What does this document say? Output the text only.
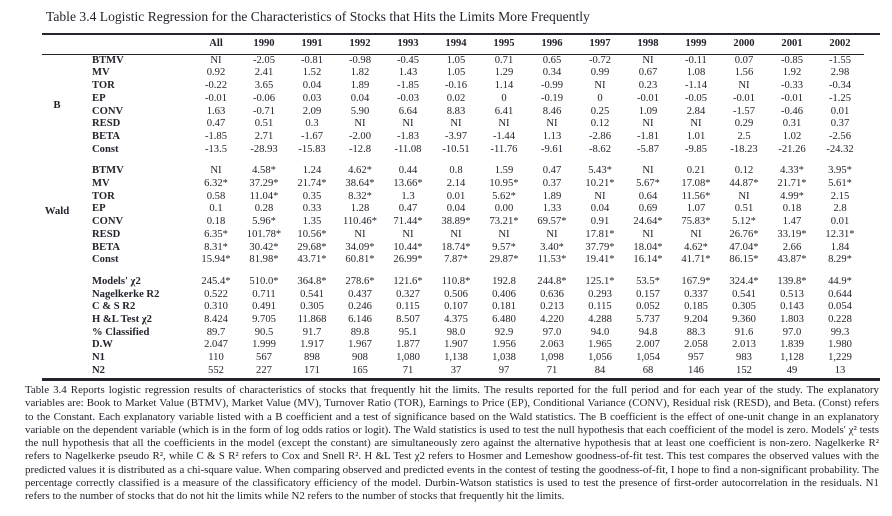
Table 3.4 Logistic Regression for the Characteristics of Stocks that Hits the Limits More Frequently
		All	1990	1991	1992	1993	1994	1995	1996	1997	1998	1999	2000	2001	2002
B	BTMV	NI	-2.05	-0.81	-0.98	-0.45	1.05	0.71	0.65	-0.72	NI	-0.11	0.07	-0.85	-1.55
	MV	0.92	2.41	1.52	1.82	1.43	1.05	1.29	0.34	0.99	0.67	1.08	1.56	1.92	2.98
	TOR	-0.22	3.65	0.04	1.89	-1.85	-0.16	1.14	-0.99	NI	0.23	-1.14	NI	-0.33	-0.34
	EP	-0.01	-0.06	0.03	0.04	-0.03	0.02	0	-0.19	0	-0.01	-0.05	-0.01	-0.01	-1.25
	CONV	1.63	-0.71	2.09	5.90	6.64	8.83	6.41	8.46	0.25	1.09	2.84	-1.57	-0.46	0.01
	RESD	0.47	0.51	0.3	NI	NI	NI	NI	NI	0.12	NI	NI	0.29	0.31	0.37
	BETA	-1.85	2.71	-1.67	-2.00	-1.83	-3.97	-1.44	1.13	-2.86	-1.81	1.01	2.5	1.02	-2.56
	Const	-13.5	-28.93	-15.83	-12.8	-11.08	-10.51	-11.76	-9.61	-8.62	-5.87	-9.85	-18.23	-21.26	-24.32
Wald	BTMV	NI	4.58*	1.24	4.62*	0.44	0.8	1.59	0.47	5.43*	NI	0.21	0.12	4.33*	3.95*
	MV	6.32*	37.29*	21.74*	38.64*	13.66*	2.14	10.95*	0.37	10.21*	5.67*	17.08*	44.87*	21.71*	5.61*
	TOR	0.58	11.04*	0.35	8.32*	1.3	0.01	5.62*	1.89	NI	0.64	11.56*	NI	4.99*	2.15
	EP	0.1	0.28	0.33	1.28	0.47	0.04	0.00	1.33	0.04	0.69	1.07	0.51	0.18	2.8
	CONV	0.18	5.96*	1.35	110.46*	71.44*	38.89*	73.21*	69.57*	0.91	24.64*	75.83*	5.12*	1.47	0.01
	RESD	6.35*	101.78*	10.56*	NI	NI	NI	NI	NI	17.81*	NI	NI	26.76*	33.19*	12.31*
	BETA	8.31*	30.42*	29.68*	34.09*	10.44*	18.74*	9.57*	3.40*	37.79*	18.04*	4.62*	47.04*	2.66	1.84
	Const	15.94*	81.98*	43.71*	60.81*	26.99*	7.87*	29.87*	11.53*	19.41*	16.14*	41.71*	86.15*	43.87*	8.29*
	Models' χ2	245.4*	510.0*	364.8*	278.6*	121.6*	110.8*	192.8	244.8*	125.1*	53.5*	167.9*	324.4*	139.8*	44.9*
	Nagelkerke R2	0.522	0.711	0.541	0.437	0.327	0.506	0.406	0.636	0.293	0.157	0.337	0.541	0.513	0.644
	C & S R2	0.310	0.491	0.305	0.246	0.115	0.107	0.181	0.213	0.115	0.052	0.185	0.305	0.143	0.054
	H &L Test χ2	8.424	9.705	11.868	6.146	8.507	4.375	6.480	4.220	4.288	5.737	9.204	9.360	1.803	0.228
	% Classified	89.7	90.5	91.7	89.8	95.1	98.0	92.9	97.0	94.0	94.8	88.3	91.6	97.0	99.3
	D.W	2.047	1.999	1.917	1.967	1.877	1.907	1.956	2.063	1.965	2.007	2.058	2.013	1.839	1.980
	N1	110	567	898	908	1,080	1,138	1,038	1,098	1,056	1,054	957	983	1,128	1,229
	N2	552	227	171	165	71	37	97	71	84	68	146	152	49	13

Table 3.4 Reports logistic regression results of characteristics of stocks that frequently hit the limits. The results reported for the full period and for each year of the study. The explanatory variables are: Book to Market Value (BTMV), Market Value (MV), Turnover Ratio (TOR), Earnings to Price (EP), Conditional Variance (CONV), Residual risk (RESD), and Beta. (Const) refers to the Constant. Each explanatory variable listed with a B coefficient and a test of significance based on the Wald statistics. The B coefficient is the effect of one-unit change in an explanatory variable on the dependent variable (which is in the form of log odds ratios or logit). The Wald statistics is used to test the null hypothesis that each coefficient of the model is zero. Models' χ² tests the null hypothesis that all the coefficients in the model (except the constant) are simultaneously zero against the alternative hypothesis that at least one coefficient is non-zero. Nagelkerke R² refers to Nagelkerke pseudo R², while C & S R² refers to Cox and Snell R². H &L Test χ2 refers to Hosmer and Lemeshow goodness-of-fit test. This test compares the observed values with the predicted values it is distributed as a chi-square value. When comparing observed and predicted events in the contest of testing the goodness-of-fit, I hope to find a non-significant probability. The percentage correctly classified is a measure of the classificatory efficiency of the model. Durbin-Watson statistics is used to test the presence of first-order autocorrelation in the residuals. N1 refers to the number of stocks that do not hit the limits while N2 refers to the number of stocks that frequently hit the limits.
